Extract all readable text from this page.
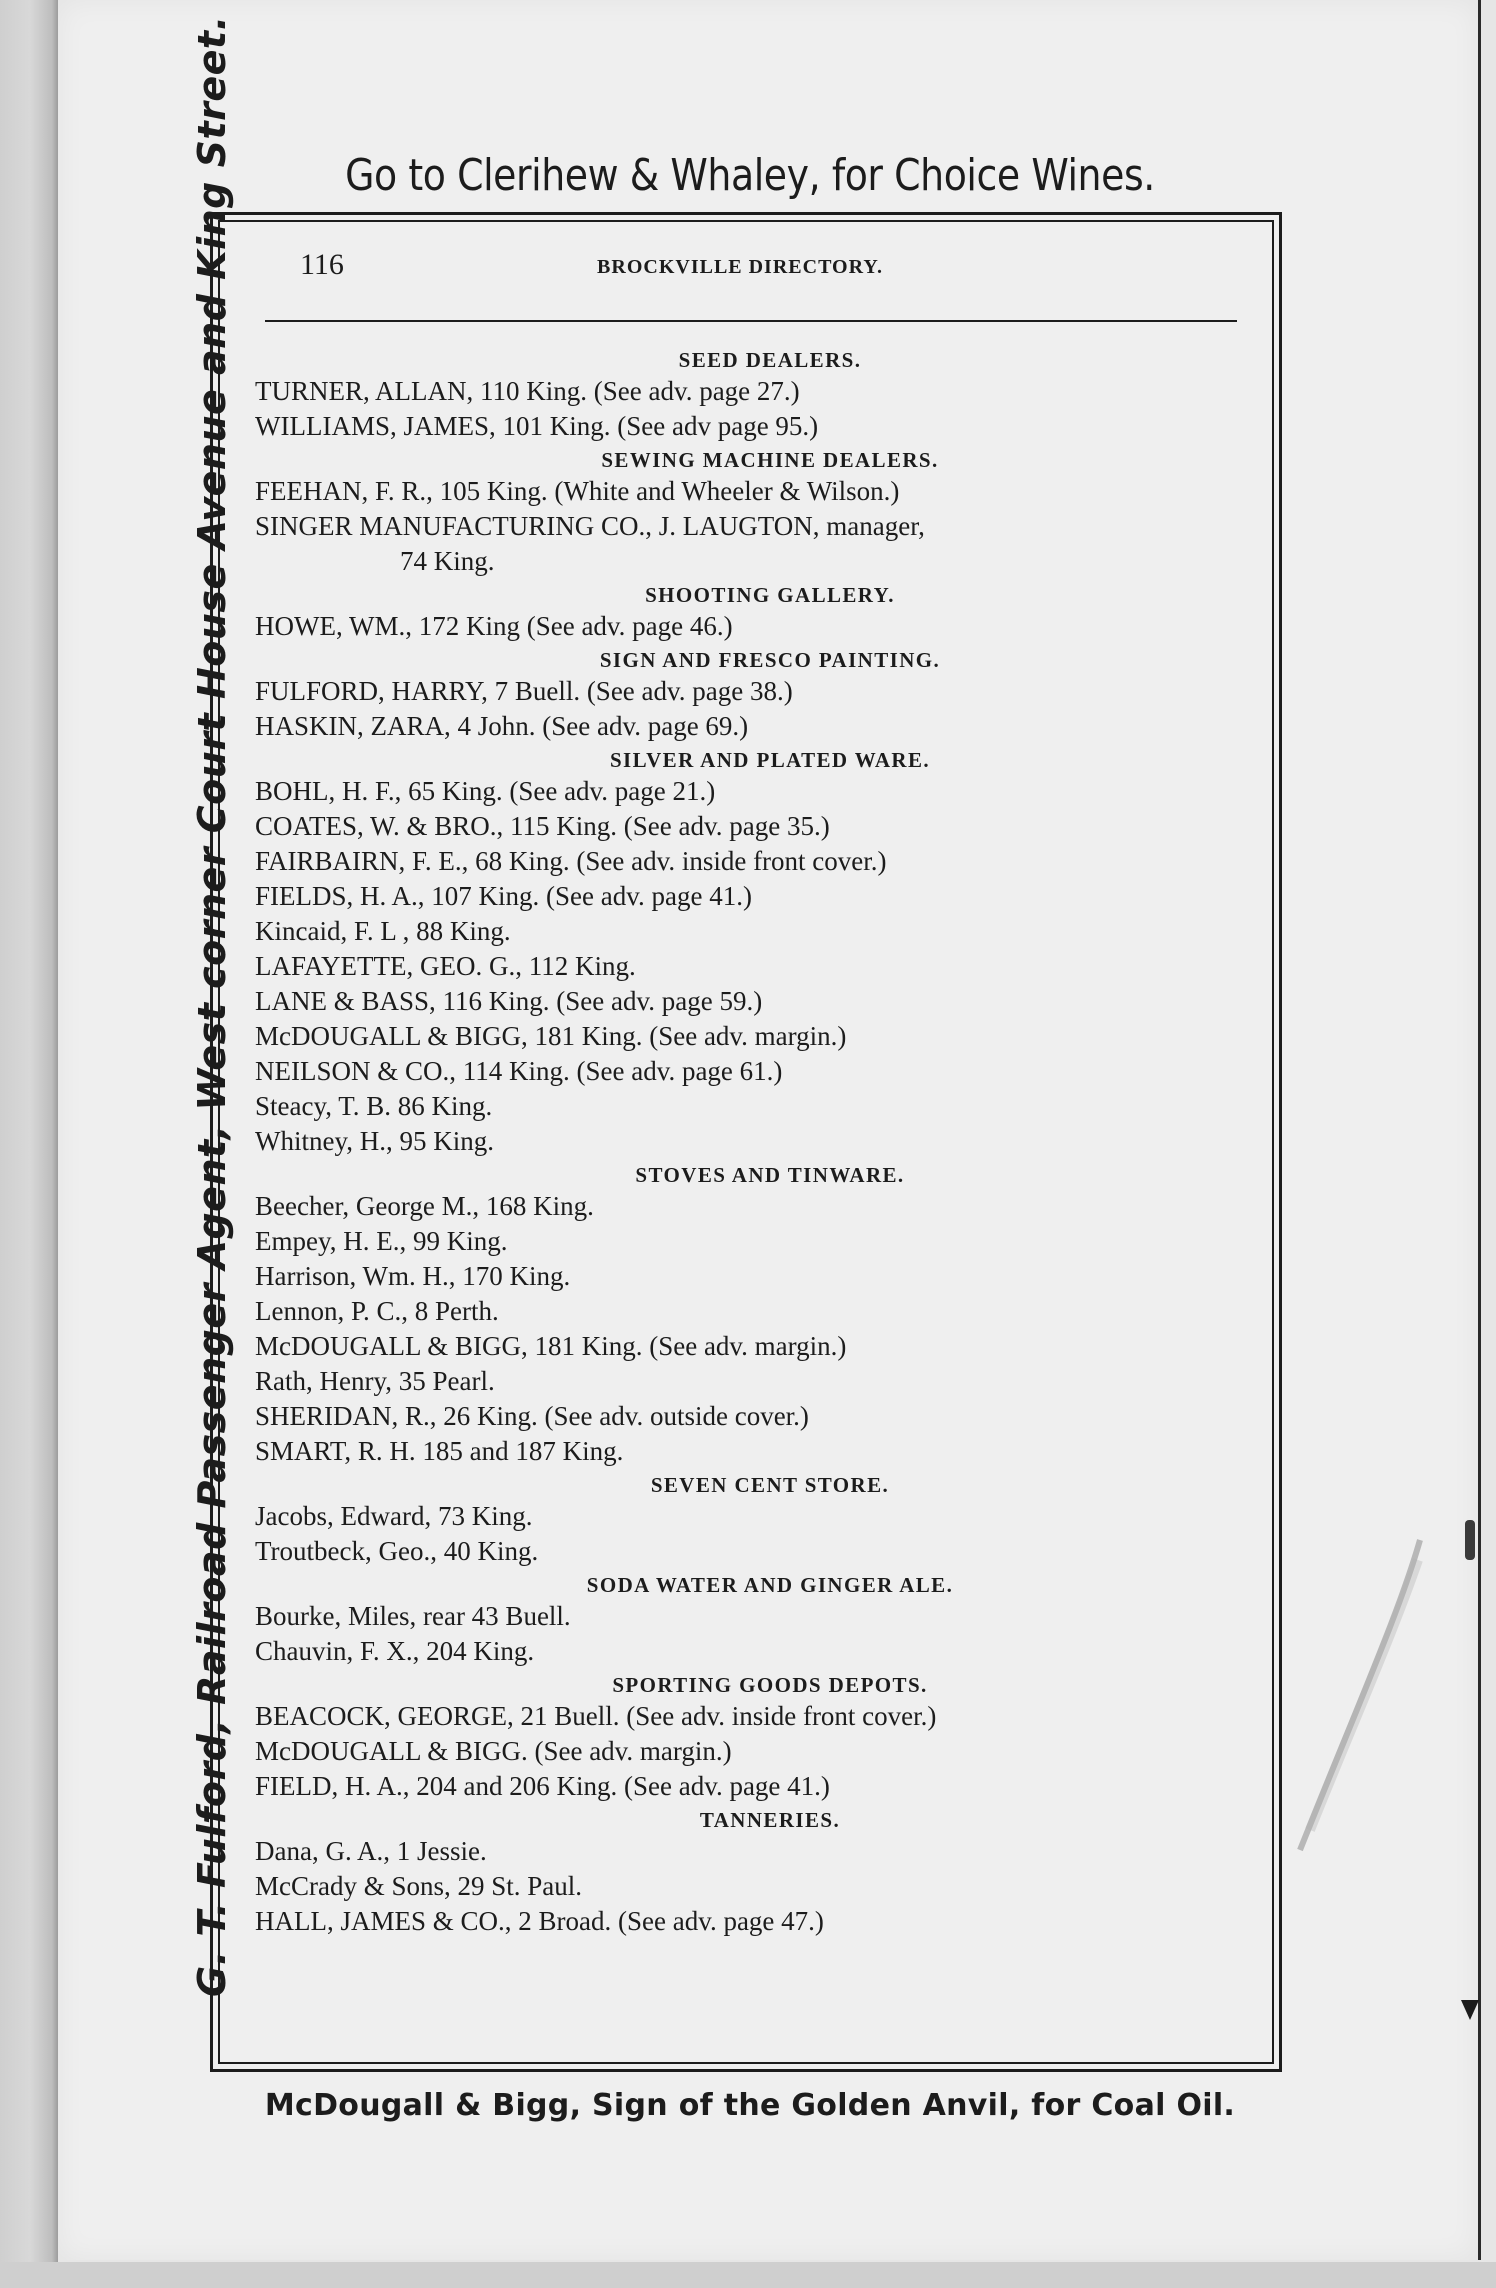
Go to Clerihew & Whaley, for Choice Wines.
G. T. Fulford, Railroad Passenger Agent, West corner Court House Avenue and King Street. 116	BROCKVILLE DIRECTORY.
SEED DEALERS.
TURNER, ALLAN, 110 King. (See adv. page 27.)
WILLIAMS, JAMES, 101 King. (See adv page 95.)
SEWING MACHINE DEALERS.
FEEHAN, F. R., 105 King. (White and Wheeler & Wilson.)
SINGER MANUFACTURING CO., J. LAUGTON, manager,
74 King.
SHOOTING GALLERY.
HOWE, WM., 172 King (See adv. page 46.)
SIGN AND FRESCO PAINTING.
FULFORD, HARRY, 7 Buell. (See adv. page 38.)
HASKIN, ZARA, 4 John. (See adv. page 69.)
SILVER AND PLATED WARE.
BOHL, H. F., 65 King. (See adv. page 21.)
COATES, W. & BRO., 115 King. (See adv. page 35.)
FAIRBAIRN, F. E., 68 King. (See adv. inside front cover.)
FIELDS, H. A., 107 King. (See adv. page 41.)
Kincaid, F. L , 88 King.
LAFAYETTE, GEO. G., 112 King.
LANE & BASS, 116 King. (See adv. page 59.)
McDOUGALL & BIGG, 181 King. (See adv. margin.)
NEILSON & CO., 114 King. (See adv. page 61.)
Steacy, T. B. 86 King.
Whitney, H., 95 King.
STOVES AND TINWARE.
Beecher, George M., 168 King.
Empey, H. E., 99 King.
Harrison, Wm. H., 170 King.
Lennon, P. C., 8 Perth.
McDOUGALL & BIGG, 181 King. (See adv. margin.)
Rath, Henry, 35 Pearl.
SHERIDAN, R., 26 King. (See adv. outside cover.)
SMART, R. H. 185 and 187 King.
SEVEN CENT STORE.
Jacobs, Edward, 73 King.
Troutbeck, Geo., 40 King.
SODA WATER AND GINGER ALE.
Bourke, Miles, rear 43 Buell.
Chauvin, F. X., 204 King.
SPORTING GOODS DEPOTS.
BEACOCK, GEORGE, 21 Buell. (See adv. inside front cover.)
McDOUGALL & BIGG. (See adv. margin.)
FIELD, H. A., 204 and 206 King. (See adv. page 41.)
TANNERIES.
Dana, G. A., 1 Jessie.
McCrady & Sons, 29 St. Paul.
HALL, JAMES & CO., 2 Broad. (See adv. page 47.)
McDougall & Bigg, Sign of the Golden Anvil, for Coal Oil.
